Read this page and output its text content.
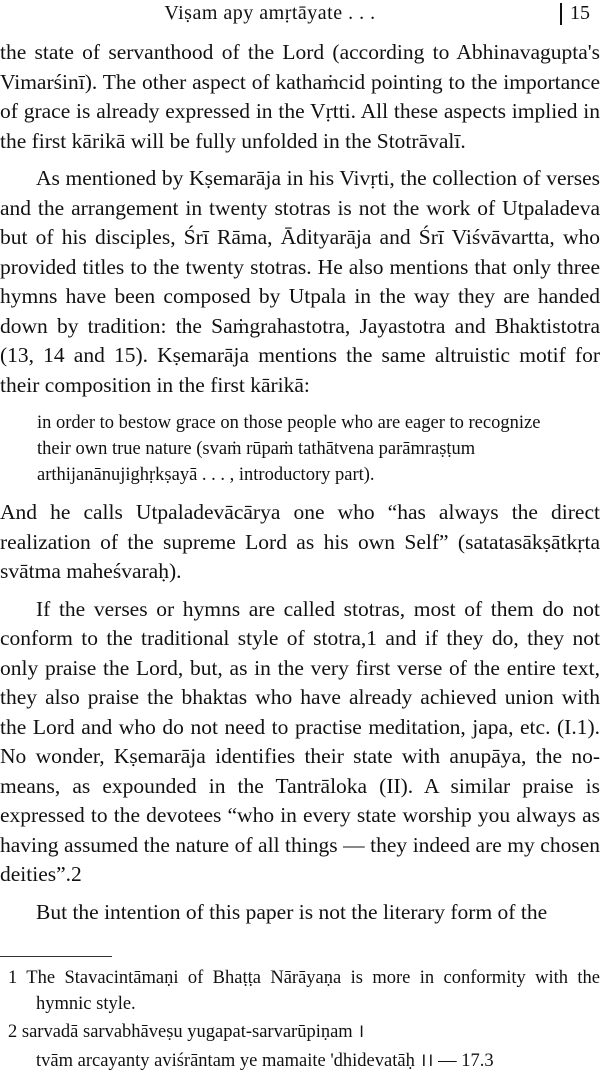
Viṣam apy amṛtāyate . . .	15

the state of servanthood of the Lord (according to Abhinavagupta's Vimarśinī). The other aspect of kathaṁcid pointing to the importance of grace is already expressed in the Vṛtti. All these aspects implied in the first kārikā will be fully unfolded in the Stotrāvalī.

As mentioned by Kṣemarāja in his Vivṛti, the collection of verses and the arrangement in twenty stotras is not the work of Utpaladeva but of his disciples, Śrī Rāma, Ādityarāja and Śrī Viśvāvartta, who provided titles to the twenty stotras. He also mentions that only three hymns have been composed by Utpala in the way they are handed down by tradition: the Saṁgrahastotra, Jayastotra and Bhaktistotra (13, 14 and 15). Kṣemarāja mentions the same altruistic motif for their composition in the first kārikā:

in order to bestow grace on those people who are eager to recognize their own true nature (svaṁ rūpaṁ tathātvena parāmraṣṭum arthijanānujighṛkṣayā . . . , introductory part).

And he calls Utpaladevācārya one who “has always the direct realization of the supreme Lord as his own Self” (satatasākṣātkṛta svātma maheśvaraḥ).

If the verses or hymns are called stotras, most of them do not conform to the traditional style of stotra,1 and if they do, they not only praise the Lord, but, as in the very first verse of the entire text, they also praise the bhaktas who have already achieved union with the Lord and who do not need to practise meditation, japa, etc. (I.1). No wonder, Kṣemarāja identifies their state with anupāya, the no-means, as expounded in the Tantrāloka (II). A similar praise is expressed to the devotees “who in every state worship you always as having assumed the nature of all things — they indeed are my chosen deities”.2

But the intention of this paper is not the literary form of the

1 The Stavacintāmaṇi of Bhaṭṭa Nārāyaṇa is more in conformity with the hymnic style.

2 sarvadā sarvabhāveṣu yugapat-sarvarūpiṇam ।

tvām arcayanty aviśrāntam ye mamaite 'dhidevatāḥ ।। — 17.3
